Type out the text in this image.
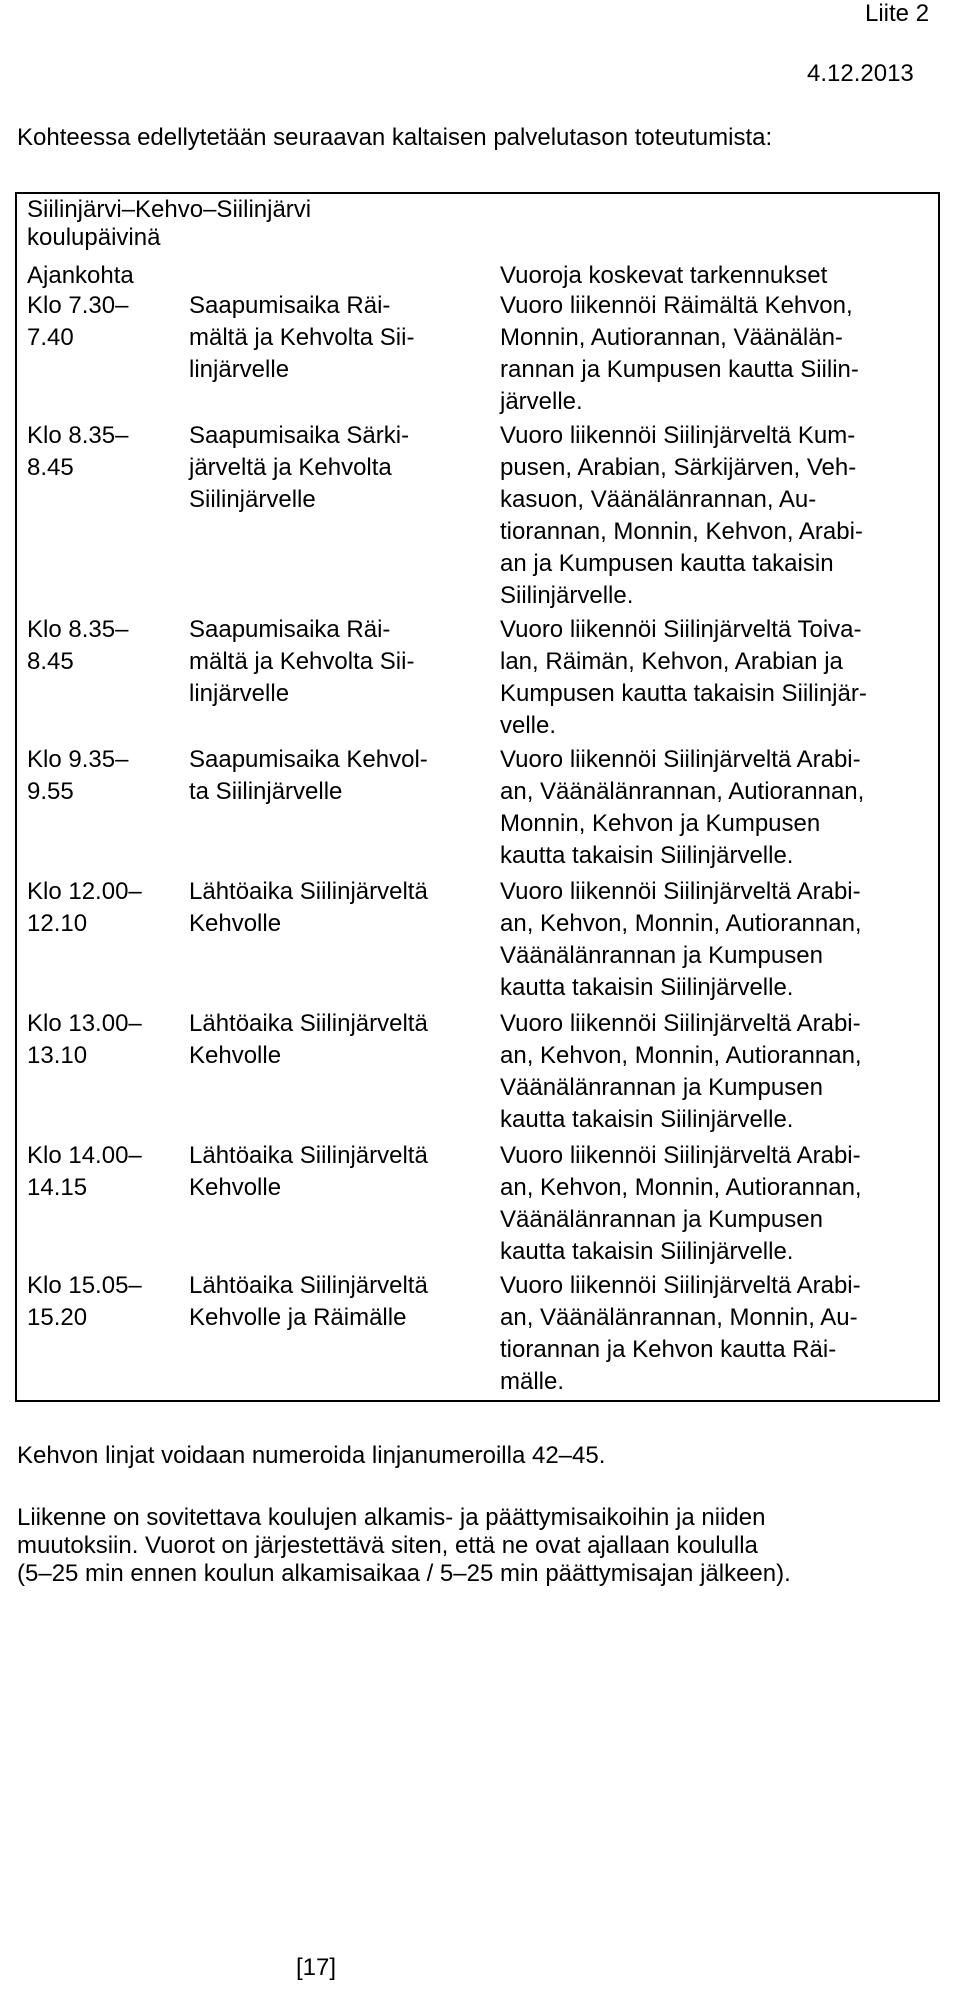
Liite 2
4.12.2013
Kohteessa edellytetään seuraavan kaltaisen palvelutason toteutumista:
Siilinjärvi–Kehvo–Siilinjärvi
koulupäivinä
Ajankohta	Vuoroja koskevat tarkennukset
Klo 7.30–
7.40
Saapumisaika Räi-
mältä ja Kehvolta Sii-
linjärvelle
Vuoro liikennöi Räimältä Kehvon,
Monnin, Autiorannan, Väänälän-
rannan ja Kumpusen kautta Siilin-
järvelle.
Klo 8.35–
8.45
Saapumisaika Särki-
järveltä ja Kehvolta
Siilinjärvelle
Vuoro liikennöi Siilinjärveltä Kum-
pusen, Arabian, Särkijärven, Veh-
kasuon, Väänälänrannan, Au-
tiorannan, Monnin, Kehvon, Arabi-
an ja Kumpusen kautta takaisin
Siilinjärvelle.
Klo 8.35–
8.45
Saapumisaika Räi-
mältä ja Kehvolta Sii-
linjärvelle
Vuoro liikennöi Siilinjärveltä Toiva-
lan, Räimän, Kehvon, Arabian ja
Kumpusen kautta takaisin Siilinjär-
velle.
Klo 9.35–
9.55
Saapumisaika Kehvol-
ta Siilinjärvelle
Vuoro liikennöi Siilinjärveltä Arabi-
an, Väänälänrannan, Autiorannan,
Monnin, Kehvon ja Kumpusen
kautta takaisin Siilinjärvelle.
Klo 12.00–
12.10
Lähtöaika Siilinjärveltä
Kehvolle
Vuoro liikennöi Siilinjärveltä Arabi-
an, Kehvon, Monnin, Autiorannan,
Väänälänrannan ja Kumpusen
kautta takaisin Siilinjärvelle.
Klo 13.00–
13.10
Lähtöaika Siilinjärveltä
Kehvolle
Vuoro liikennöi Siilinjärveltä Arabi-
an, Kehvon, Monnin, Autiorannan,
Väänälänrannan ja Kumpusen
kautta takaisin Siilinjärvelle.
Klo 14.00–
14.15
Lähtöaika Siilinjärveltä
Kehvolle
Vuoro liikennöi Siilinjärveltä Arabi-
an, Kehvon, Monnin, Autiorannan,
Väänälänrannan ja Kumpusen
kautta takaisin Siilinjärvelle.
Klo 15.05–
15.20
Lähtöaika Siilinjärveltä
Kehvolle ja Räimälle
Vuoro liikennöi Siilinjärveltä Arabi-
an, Väänälänrannan, Monnin, Au-
tiorannan ja Kehvon kautta Räi-
mälle.
Kehvon linjat voidaan numeroida linjanumeroilla 42–45.
Liikenne on sovitettava koulujen alkamis- ja päättymisaikoihin ja niiden
muutoksiin. Vuorot on järjestettävä siten, että ne ovat ajallaan koululla
(5–25 min ennen koulun alkamisaikaa / 5–25 min päättymisajan jälkeen).
[17]
